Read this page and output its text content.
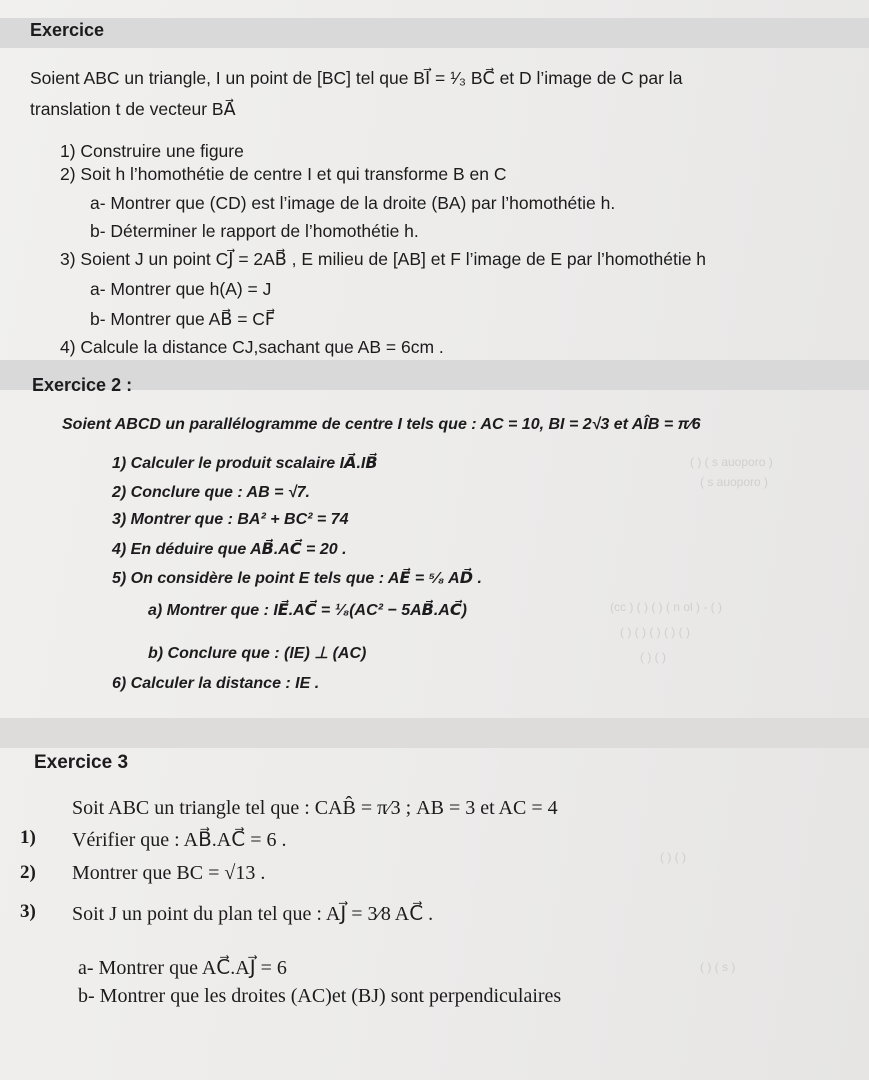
( ) ( s auoporo )
( s auoporo )
(cc ) ( ) ( ) ( n ol ) - ( )
( ) ( ) ( ) ( ) ( )
( ) ( )
( ) ( )
( ) ( s )
Exercice
Soient ABC un triangle, I un point de [BC] tel que BI⃗ = ¹⁄₃ BC⃗ et D l’image de C par la
translation t de vecteur BA⃗
1) Construire une figure
2) Soit h l’homothétie de centre I et qui transforme B en C
a- Montrer que (CD) est l’image de la droite (BA) par l’homothétie h.
b- Déterminer le rapport de l’homothétie h.
3) Soient J un point CJ⃗ = 2AB⃗ , E milieu de [AB] et F l’image de E par l’homothétie h
a- Montrer que h(A) = J
b- Montrer que AB⃗ = CF⃗
4) Calcule la distance CJ,sachant que AB = 6cm .
Exercice 2 :
Soient ABCD un parallélogramme de centre I tels que : AC = 10, BI = 2√3 et AÎB = π⁄6
1) Calculer le produit scalaire IA⃗.IB⃗
2) Conclure que : AB = √7.
3) Montrer que : BA² + BC² = 74
4) En déduire que AB⃗.AC⃗ = 20 .
5) On considère le point E tels que : AE⃗ = ⁵⁄₈ AD⃗ .
a) Montrer que : IE⃗.AC⃗ = ¹⁄₈(AC² − 5AB⃗.AC⃗)
b) Conclure que : (IE) ⊥ (AC)
6) Calculer la distance : IE .
Exercice 3
Soit ABC un triangle tel que : CAB̂ = π⁄3 ; AB = 3 et AC = 4
1) Vérifier que : AB⃗.AC⃗ = 6 .
2) Montrer que BC = √13 .
3) Soit J un point du plan tel que : AJ⃗ = 3⁄8 AC⃗ .
a- Montrer que AC⃗.AJ⃗ = 6
b- Montrer que les droites (AC)et (BJ) sont perpendiculaires
